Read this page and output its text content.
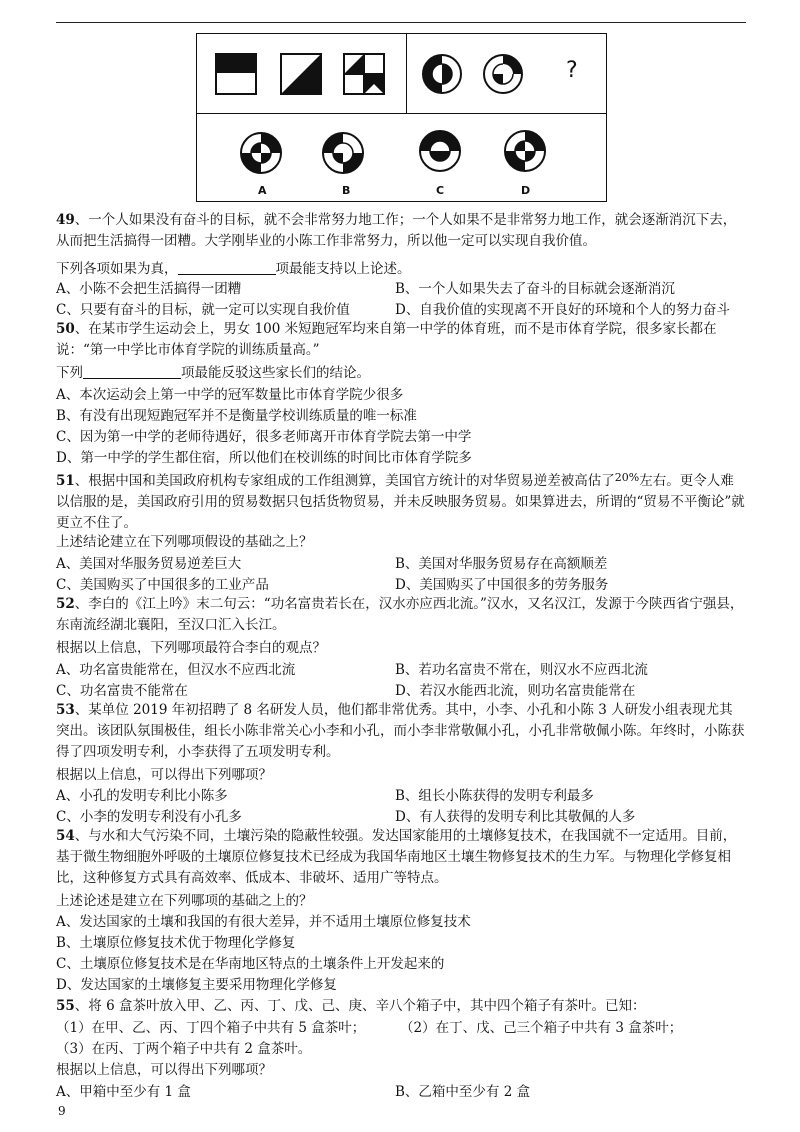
?
A	B	C	D
49、一个人如果没有奋斗的目标，就不会非常努力地工作；一个人如果不是非常努力地工作，就会逐渐消沉下去，从而把生活搞得一团糟。大学刚毕业的小陈工作非常努力，所以他一定可以实现自我价值。
下列各项如果为真，	项最能支持以上论述。
A、小陈不会把生活搞得一团糟	B、一个人如果失去了奋斗的目标就会逐渐消沉
C、只要有奋斗的目标，就一定可以实现自我价值	D、自我价值的实现离不开良好的环境和个人的努力奋斗
50、在某市学生运动会上，男女 100 米短跑冠军均来自第一中学的体育班，而不是市体育学院，很多家长都在说：“第一中学比市体育学院的训练质量高。”
下列	项最能反驳这些家长们的结论。
A、本次运动会上第一中学的冠军数量比市体育学院少很多
B、有没有出现短跑冠军并不是衡量学校训练质量的唯一标准
C、因为第一中学的老师待遇好，很多老师离开市体育学院去第一中学
D、第一中学的学生都住宿，所以他们在校训练的时间比市体育学院多
51、根据中国和美国政府机构专家组成的工作组测算，美国官方统计的对华贸易逆差被高估了$^{20\%}$左右。更令人难以信服的是，美国政府引用的贸易数据只包括货物贸易，并未反映服务贸易。如果算进去，所谓的“贸易不平衡论”就更立不住了。
上述结论建立在下列哪项假设的基础之上？
A、美国对华服务贸易逆差巨大	B、美国对华服务贸易存在高额顺差
C、美国购买了中国很多的工业产品	D、美国购买了中国很多的劳务服务
52、李白的《江上吟》末二句云：“功名富贵若长在，汉水亦应西北流。”汉水，又名汉江，发源于今陕西省宁强县，东南流经湖北襄阳，至汉口汇入长江。
根据以上信息，下列哪项最符合李白的观点？
A、功名富贵能常在，但汉水不应西北流	B、若功名富贵不常在，则汉水不应西北流
C、功名富贵不能常在	D、若汉水能西北流，则功名富贵能常在
53、某单位 2019 年初招聘了 8 名研发人员，他们都非常优秀。其中，小李、小孔和小陈 3 人研发小组表现尤其突出。该团队氛围极佳，组长小陈非常关心小李和小孔，而小李非常敬佩小孔，小孔非常敬佩小陈。年终时，小陈获得了四项发明专利，小李获得了五项发明专利。
根据以上信息，可以得出下列哪项？
A、小孔的发明专利比小陈多	B、组长小陈获得的发明专利最多
C、小李的发明专利没有小孔多	D、有人获得的发明专利比其敬佩的人多
54、与水和大气污染不同，土壤污染的隐蔽性较强。发达国家能用的土壤修复技术，在我国就不一定适用。目前，基于微生物细胞外呼吸的土壤原位修复技术已经成为我国华南地区土壤生物修复技术的生力军。与物理化学修复相比，这种修复方式具有高效率、低成本、非破坏、适用广等特点。
上述论述是建立在下列哪项的基础之上的？
A、发达国家的土壤和我国的有很大差异，并不适用土壤原位修复技术
B、土壤原位修复技术优于物理化学修复
C、土壤原位修复技术是在华南地区特点的土壤条件上开发起来的
D、发达国家的土壤修复主要采用物理化学修复
55、将 6 盒茶叶放入甲、乙、丙、丁、戊、己、庚、辛八个箱子中，其中四个箱子有茶叶。已知：
（1）在甲、乙、丙、丁四个箱子中共有 5 盒茶叶；	（2）在丁、戊、己三个箱子中共有 3 盒茶叶；
（3）在丙、丁两个箱子中共有 2 盒茶叶。
根据以上信息，可以得出下列哪项？
A、甲箱中至少有 1 盒	B、乙箱中至少有 2 盒
9
